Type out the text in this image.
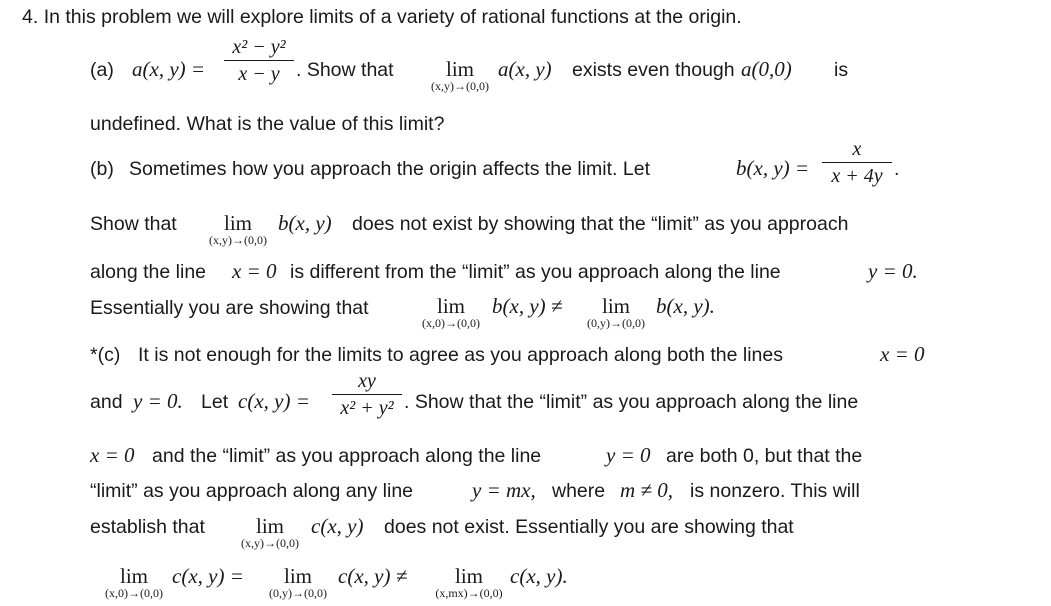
4. In this problem we will explore limits of a variety of rational functions at the origin.
(a) a(x, y) =
x² − y²
x − y . Show that	lim
(x,y)→(0,0)
a(x, y) exists even though a(0,0) is
undefined. What is the value of this limit?
(b) Sometimes how you approach the origin affects the limit. Let	b(x, y) =
x
x + 4y .
Show that	lim
(x,y)→(0,0)
b(x, y) does not exist by showing that the “limit” as you approach
along the line x = 0 is different from the “limit” as you approach along the line	y = 0.
Essentially you are showing that	lim
(x,0)→(0,0)
b(x, y) ≠	lim
(0,y)→(0,0)
b(x, y).
*(c) It is not enough for the limits to agree as you approach along both the lines	x = 0
and y = 0. Let c(x, y) =
xy
x² + y² . Show that the “limit” as you approach along the line
x = 0 and the “limit” as you approach along the line	y = 0 are both 0, but that the
“limit” as you approach along any line	y = mx, where m ≠ 0, is nonzero. This will
establish that	lim
(x,y)→(0,0)
c(x, y) does not exist. Essentially you are showing that
lim
(x,0)→(0,0)
c(x, y) =	lim
(0,y)→(0,0)
c(x, y) ≠	lim
(x,mx)→(0,0)
c(x, y).
